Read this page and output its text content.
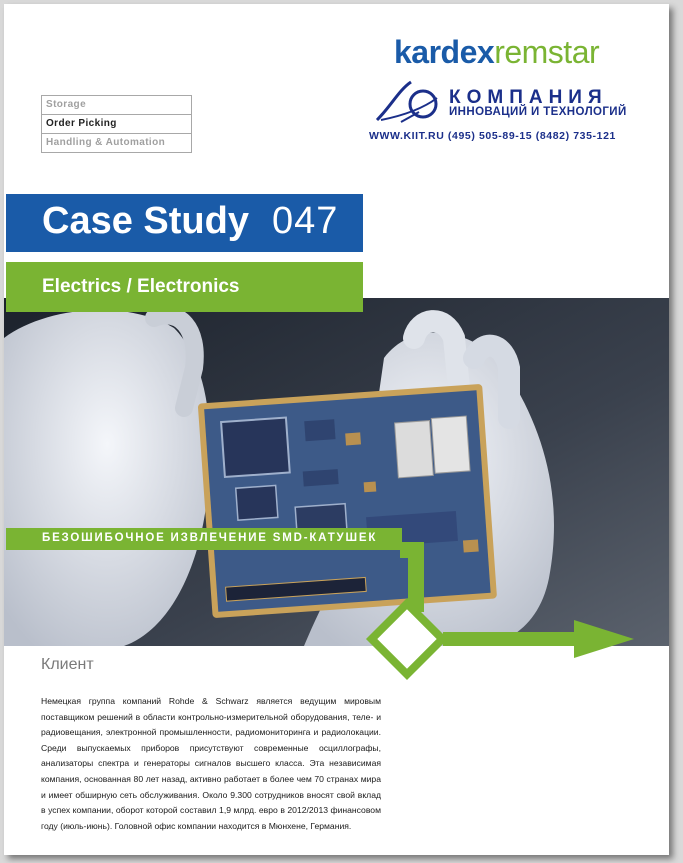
kardexremstar
КОМПАНИЯ
ИННОВАЦИЙ И ТЕХНОЛОГИЙ
WWW.KIIT.RU (495) 505-89-15 (8482) 735-121
Storage
Order Picking
Handling & Automation
Case Study 047
Electrics / Electronics
БЕЗОШИБОЧНОЕ ИЗВЛЕЧЕНИЕ SMD-КАТУШЕК
Клиент
Немецкая группа компаний Rohde & Schwarz является ведущим мировым поставщиком решений в области контрольно-измерительной оборудования, теле- и радиовещания, электронной промышленности, радиомониторинга и радиолокации. Среди выпускаемых приборов присутствуют современные осциллографы, анализаторы спектра и генераторы сигналов высшего класса. Эта независимая компания, основанная 80 лет назад, активно работает в более чем 70 странах мира и имеет обширную сеть обслуживания. Около 9.300 сотрудников вносят свой вклад в успех компании, оборот которой составил 1,9 млрд. евро в 2012/2013 финансовом году (июль-июнь). Головной офис компании находится в Мюнхене, Германия.
